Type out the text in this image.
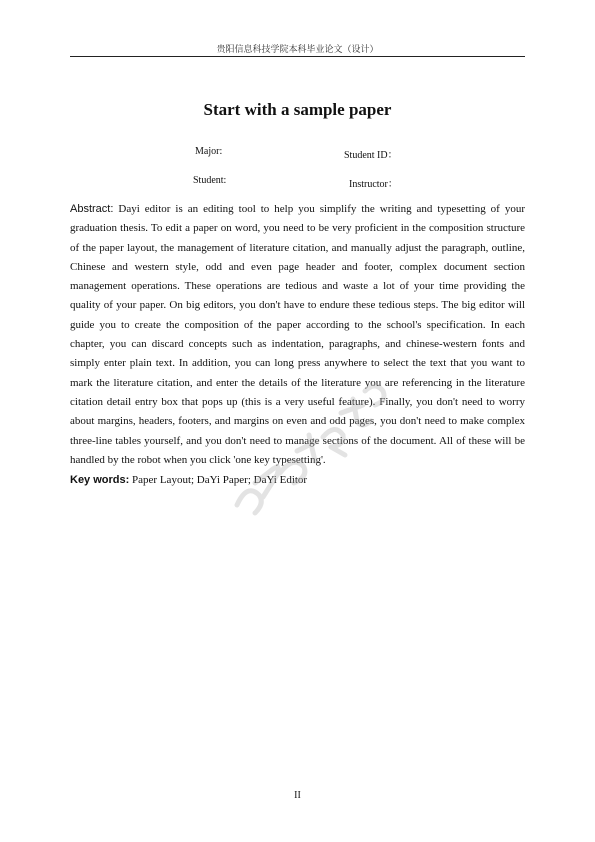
贵阳信息科技学院本科毕业论文（设计）
Start with a sample paper
Major:	Student ID：
Student:	Instructor：
Abstract: Dayi editor is an editing tool to help you simplify the writing and typesetting of your graduation thesis. To edit a paper on word, you need to be very proficient in the composition structure of the paper layout, the management of literature citation, and manually adjust the paragraph, outline, Chinese and western style, odd and even page header and footer, complex document section management operations. These operations are tedious and waste a lot of your time providing the quality of your paper. On big editors, you don't have to endure these tedious steps. The big editor will guide you to create the composition of the paper according to the school's specification. In each chapter, you can discard concepts such as indentation, paragraphs, and chinese-western fonts and simply enter plain text. In addition, you can long press anywhere to select the text that you want to mark the literature citation, and enter the details of the literature you are referencing in the literature citation detail entry box that pops up (this is a very useful feature). Finally, you don't need to worry about margins, headers, footers, and margins on even and odd pages, you don't need to make complex three-line tables yourself, and you don't need to manage sections of the document. All of these will be handled by the robot when you click 'one key typesetting'.
Key words: Paper Layout; DaYi Paper; DaYi Editor
II
